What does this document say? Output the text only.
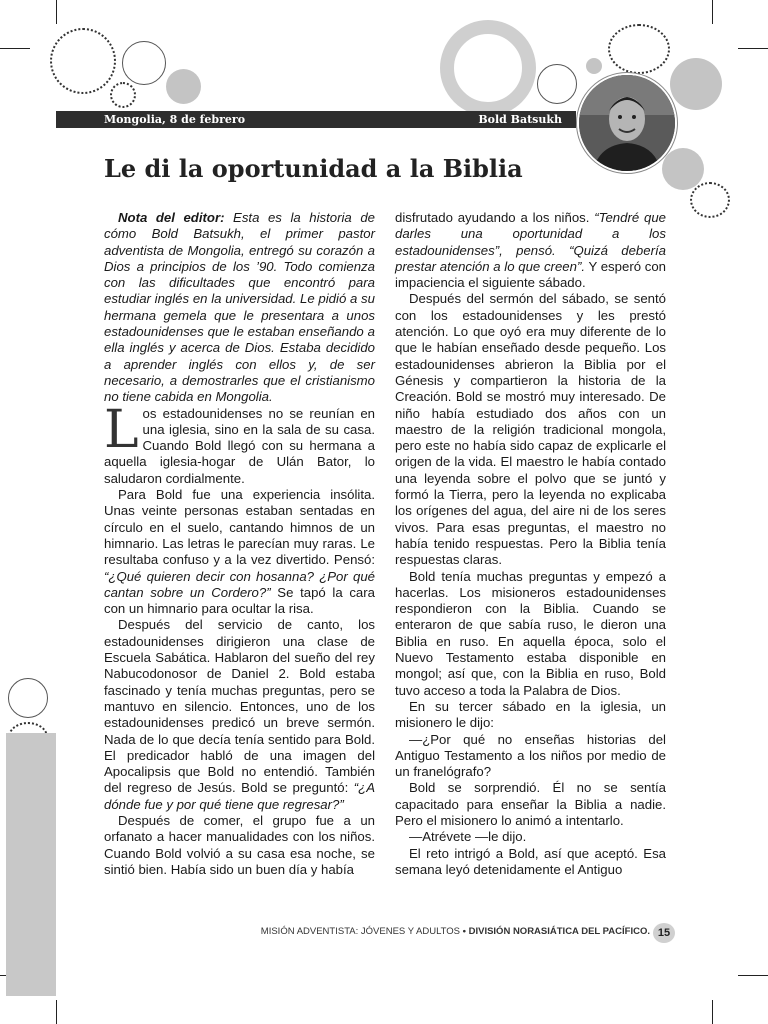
Mongolia, 8 de febrero	Bold Batsukh
Le di la oportunidad a la Biblia

Nota del editor: Esta es la historia de cómo Bold Batsukh, el primer pastor adventista de Mongolia, entregó su corazón a Dios a principios de los ’90. Todo comienza con las dificultades que encontró para estudiar inglés en la universidad. Le pidió a su hermana gemela que le presentara a unos estadounidenses que le estaban enseñando a ella inglés y acerca de Dios. Estaba decidido a aprender inglés con ellos y, de ser necesario, a demostrarles que el cristianismo no tiene cabida en Mongolia.

Los estadounidenses no se reunían en una iglesia, sino en la sala de su casa. Cuando Bold llegó con su hermana a aquella iglesia-hogar de Ulán Bator, lo saludaron cordialmente.

Para Bold fue una experiencia insólita. Unas veinte personas estaban sentadas en círculo en el suelo, cantando himnos de un himnario. Las letras le parecían muy raras. Le resultaba confuso y a la vez divertido. Pensó: “¿Qué quieren decir con hosanna? ¿Por qué cantan sobre un Cordero?” Se tapó la cara con un himnario para ocultar la risa.

Después del servicio de canto, los estadounidenses dirigieron una clase de Escuela Sabática. Hablaron del sueño del rey Nabucodonosor de Daniel 2. Bold estaba fascinado y tenía muchas preguntas, pero se mantuvo en silencio. Entonces, uno de los estadounidenses predicó un breve sermón. Nada de lo que decía tenía sentido para Bold. El predicador habló de una imagen del Apocalipsis que Bold no entendió. También del regreso de Jesús. Bold se preguntó: “¿A dónde fue y por qué tiene que regresar?”

Después de comer, el grupo fue a un orfanato a hacer manualidades con los niños. Cuando Bold volvió a su casa esa noche, se sintió bien. Había sido un buen día y había

disfrutado ayudando a los niños. “Tendré que darles una oportunidad a los estadounidenses”, pensó. “Quizá debería prestar atención a lo que creen”. Y esperó con impaciencia el siguiente sábado.

Después del sermón del sábado, se sentó con los estadounidenses y les prestó atención. Lo que oyó era muy diferente de lo que le habían enseñado desde pequeño. Los estadounidenses abrieron la Biblia por el Génesis y compartieron la historia de la Creación. Bold se mostró muy interesado. De niño había estudiado dos años con un maestro de la religión tradicional mongola, pero este no había sido capaz de explicarle el origen de la vida. El maestro le había contado una leyenda sobre el polvo que se juntó y formó la Tierra, pero la leyenda no explicaba los orígenes del agua, del aire ni de los seres vivos. Para esas preguntas, el maestro no había tenido respuestas. Pero la Biblia tenía respuestas claras.

Bold tenía muchas preguntas y empezó a hacerlas. Los misioneros estadounidenses respondieron con la Biblia. Cuando se enteraron de que sabía ruso, le dieron una Biblia en ruso. En aquella época, solo el Nuevo Testamento estaba disponible en mongol; así que, con la Biblia en ruso, Bold tuvo acceso a toda la Palabra de Dios.

En su tercer sábado en la iglesia, un misionero le dijo:

—¿Por qué no enseñas historias del Antiguo Testamento a los niños por medio de un franelógrafo?

Bold se sorprendió. Él no se sentía capacitado para enseñar la Biblia a nadie. Pero el misionero lo animó a intentarlo.

—Atrévete —le dijo.

El reto intrigó a Bold, así que aceptó. Esa semana leyó detenidamente el Antiguo

MISIÓN ADVENTISTA: JÓVENES Y ADULTOS • DIVISIÓN NORASIÁTICA DEL PACÍFICO. 15
